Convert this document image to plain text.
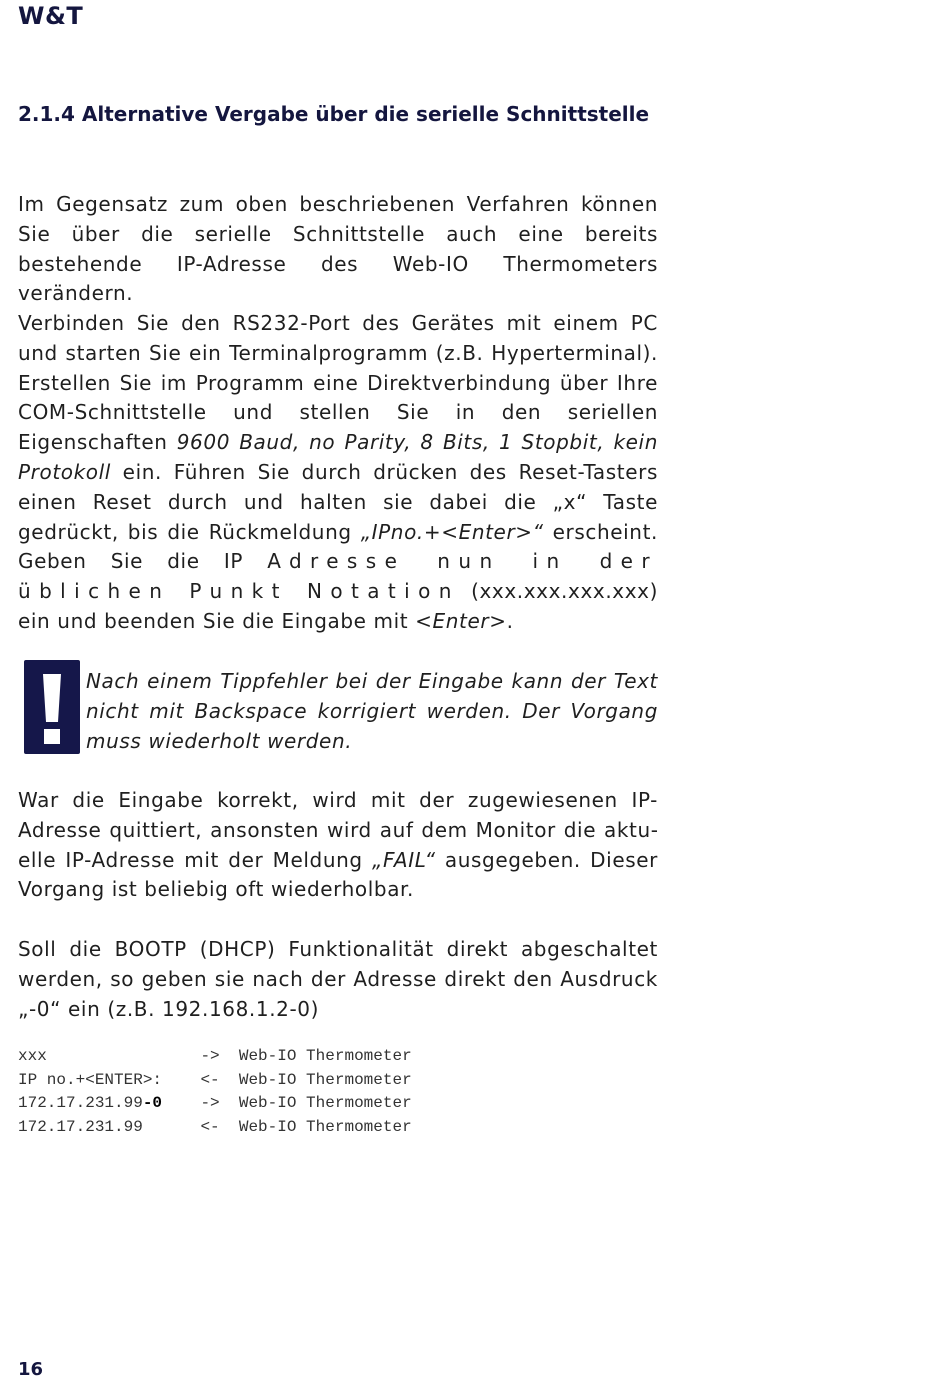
W&T
2.1.4 Alternative Vergabe über die serielle Schnittstelle

Im Gegensatz zum oben beschriebenen Verfahren können Sie über die serielle Schnittstelle auch eine bereits bestehende IP-Adresse des Web-IO Thermometers verändern.

Verbinden Sie den RS232-Port des Gerätes mit einem PC und starten Sie ein Terminalprogramm (z.B. Hyperterminal). Erstellen Sie im Programm eine Direktverbindung über Ihre COM-Schnittstelle und stellen Sie in den seriellen Eigenschaften 9600 Baud, no Parity, 8 Bits, 1 Stopbit, kein Protokoll ein. Führen Sie durch drücken des Reset-Tasters einen Reset durch und halten sie dabei die „x“ Taste gedrückt, bis die Rückmeldung „IPno.+<Enter>“ erscheint. Geben Sie die IP Adresse nun in der üblichen Punkt Notation (xxx.xxx.xxx.xxx) ein und beenden Sie die Eingabe mit <Enter>.

Nach einem Tippfehler bei der Eingabe kann der Text nicht mit Backspace korrigiert werden. Der Vorgang muss wiederholt werden.

War die Eingabe korrekt, wird mit der zugewiesenen IP-Adresse quittiert, ansonsten wird auf dem Monitor die aktuelle IP-Adresse mit der Meldung „FAIL“ ausgegeben. Dieser Vorgang ist beliebig oft wiederholbar.

Soll die BOOTP (DHCP) Funktionalität direkt abgeschaltet werden, so geben sie nach der Adresse direkt den Ausdruck „-0“ ein (z.B. 192.168.1.2-0)

xxx	-> Web-IO Thermometer
IP no.+<ENTER>: <- Web-IO Thermometer
172.17.231.99-0 -> Web-IO Thermometer
172.17.231.99	<- Web-IO Thermometer
16
